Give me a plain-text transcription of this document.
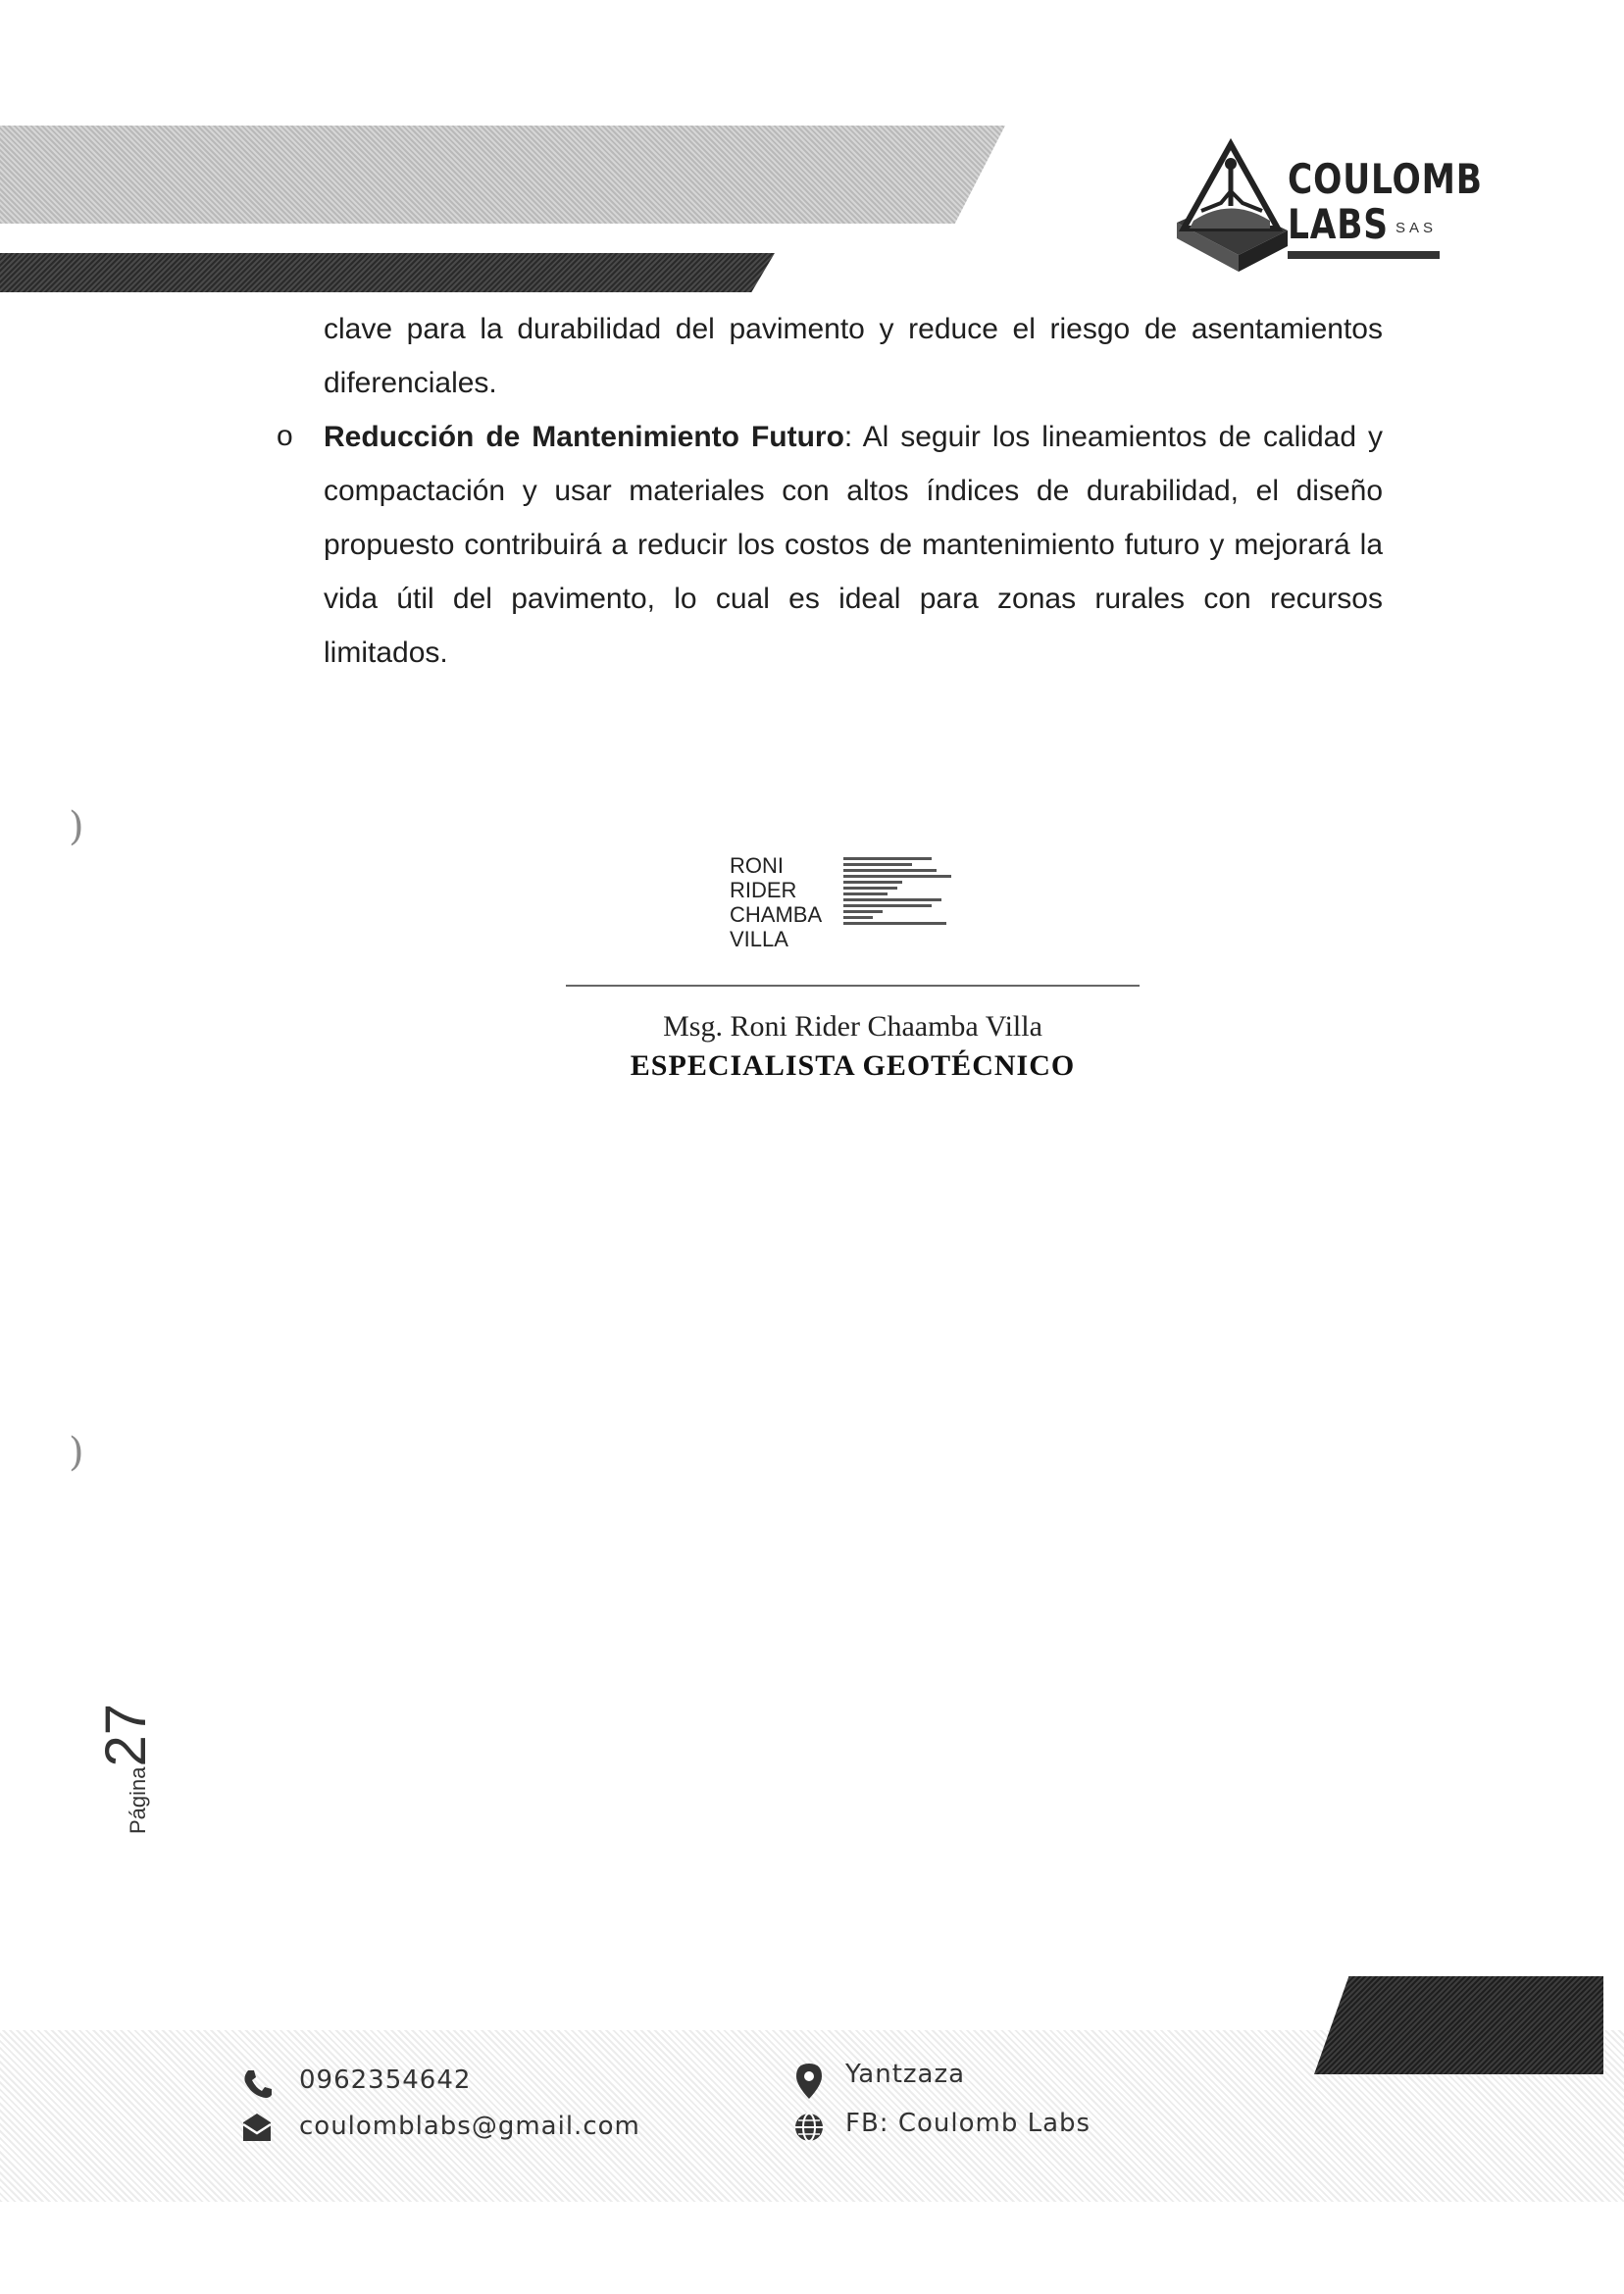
COULOMB
LABS SAS
clave para la durabilidad del pavimento y reduce el riesgo de asentamientos diferenciales.
o Reducción de Mantenimiento Futuro: Al seguir los lineamientos de calidad y compactación y usar materiales con altos índices de durabilidad, el diseño propuesto contribuirá a reducir los costos de mantenimiento futuro y mejorará la vida útil del pavimento, lo cual es ideal para zonas rurales con recursos limitados.
)
)
RONI
RIDER
CHAMBA
VILLA
Msg. Roni Rider Chaamba Villa
ESPECIALISTA GEOTÉCNICO
Página27
0962354642
coulomblabs@gmail.com
Yantzaza
FB: Coulomb Labs
